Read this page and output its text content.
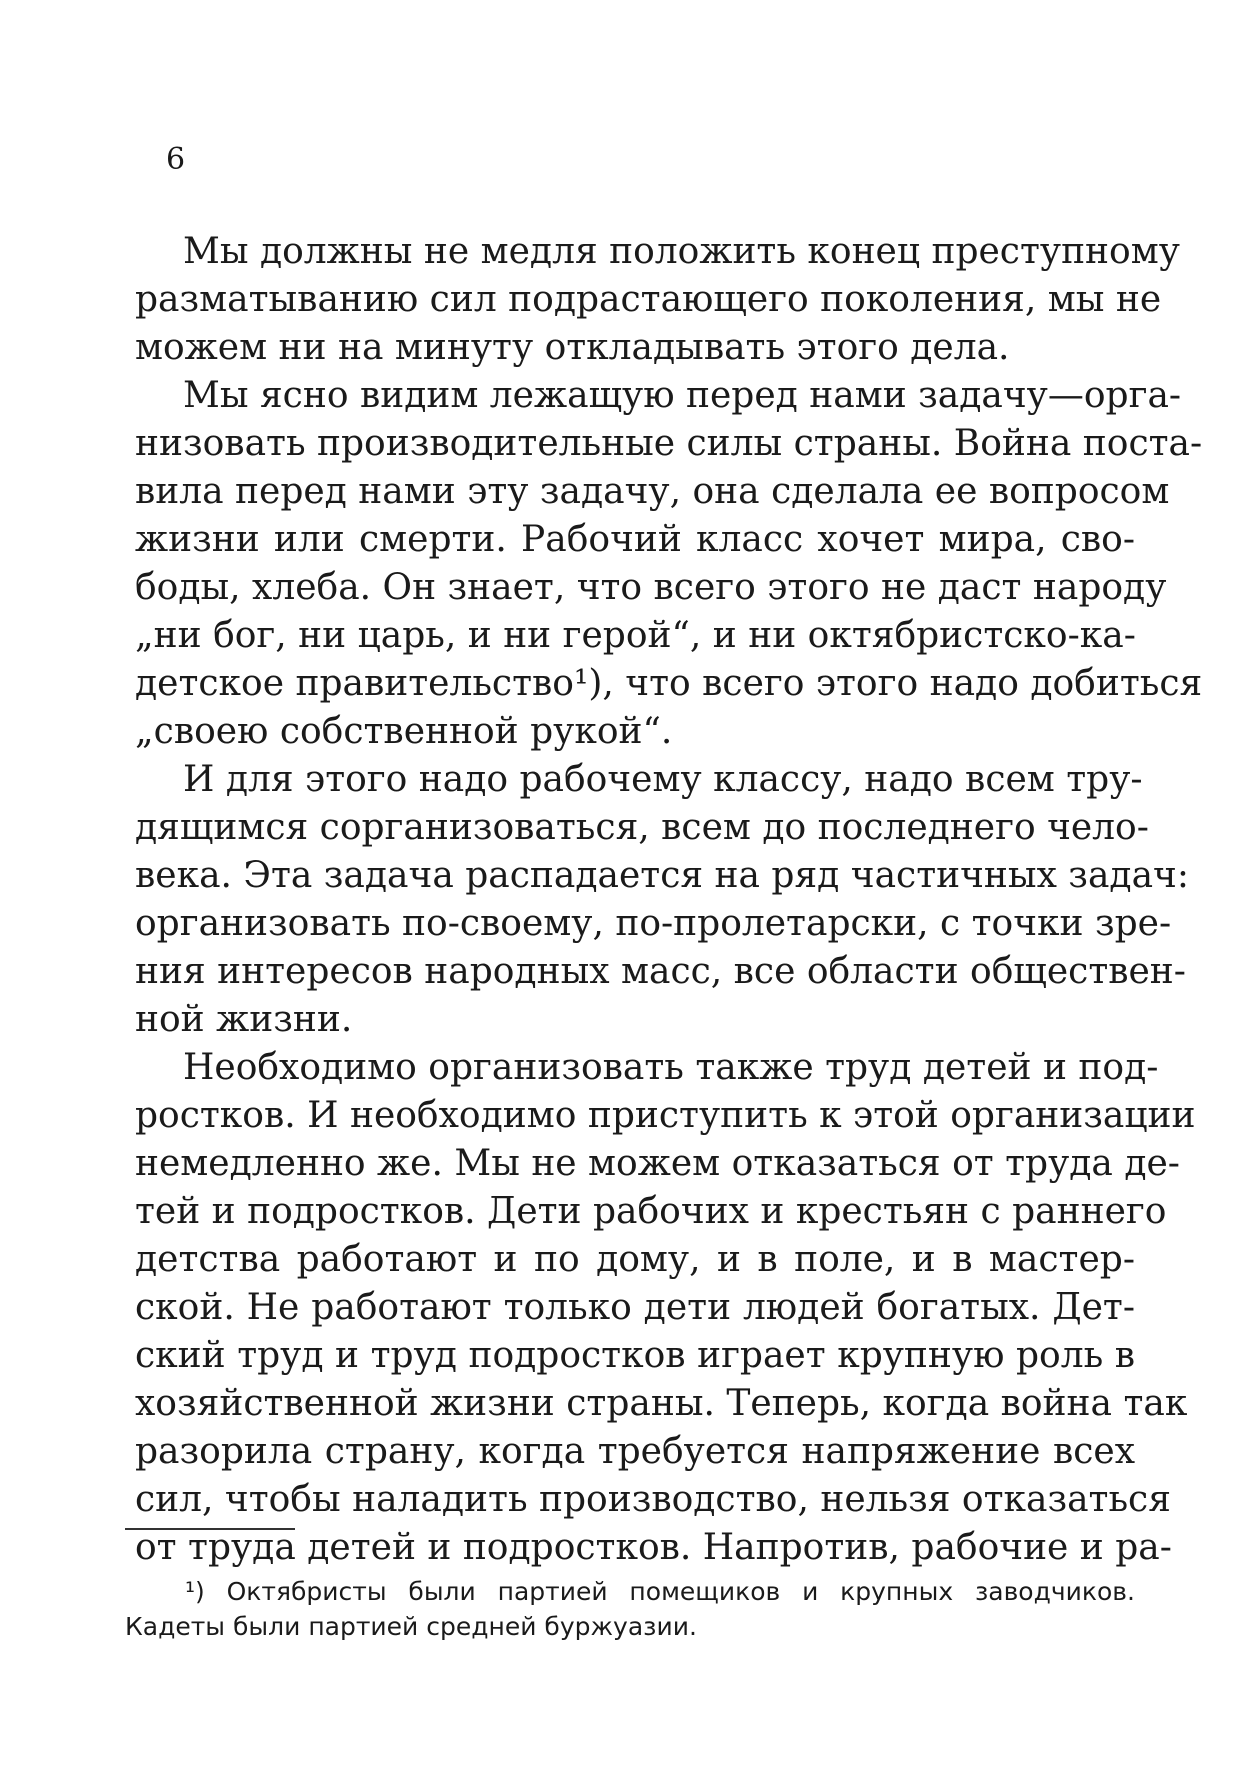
6
Мы должны не медля положить конец преступному
разматыванию сил подрастающего поколения, мы не
можем ни на минуту откладывать этого дела.
Мы ясно видим лежащую перед нами задачу—орга-
низовать производительные силы страны. Война поста-
вила перед нами эту задачу, она сделала ее вопросом
жизни или смерти. Рабочий класс хочет мира, сво-
боды, хлеба. Он знает, что всего этого не даст народу
„ни бог, ни царь, и ни герой“, и ни октябристско-ка-
детское правительство¹), что всего этого надо добиться
„своею собственной рукой“.
И для этого надо рабочему классу, надо всем тру-
дящимся сорганизоваться, всем до последнего чело-
века. Эта задача распадается на ряд частичных задач:
организовать по-своему, по-пролетарски, с точки зре-
ния интересов народных масс, все области обществен-
ной жизни.
Необходимо организовать также труд детей и под-
ростков. И необходимо приступить к этой организации
немедленно же. Мы не можем отказаться от труда де-
тей и подростков. Дети рабочих и крестьян с раннего
детства работают и по дому, и в поле, и в мастер-
ской. Не работают только дети людей богатых. Дет-
ский труд и труд подростков играет крупную роль в
хозяйственной жизни страны. Теперь, когда война так
разорила страну, когда требуется напряжение всех
сил, чтобы наладить производство, нельзя отказаться
от труда детей и подростков. Напротив, рабочие и ра-
¹) Октябристы были партией помещиков и крупных заводчиков.
Кадеты были партией средней буржуазии.
